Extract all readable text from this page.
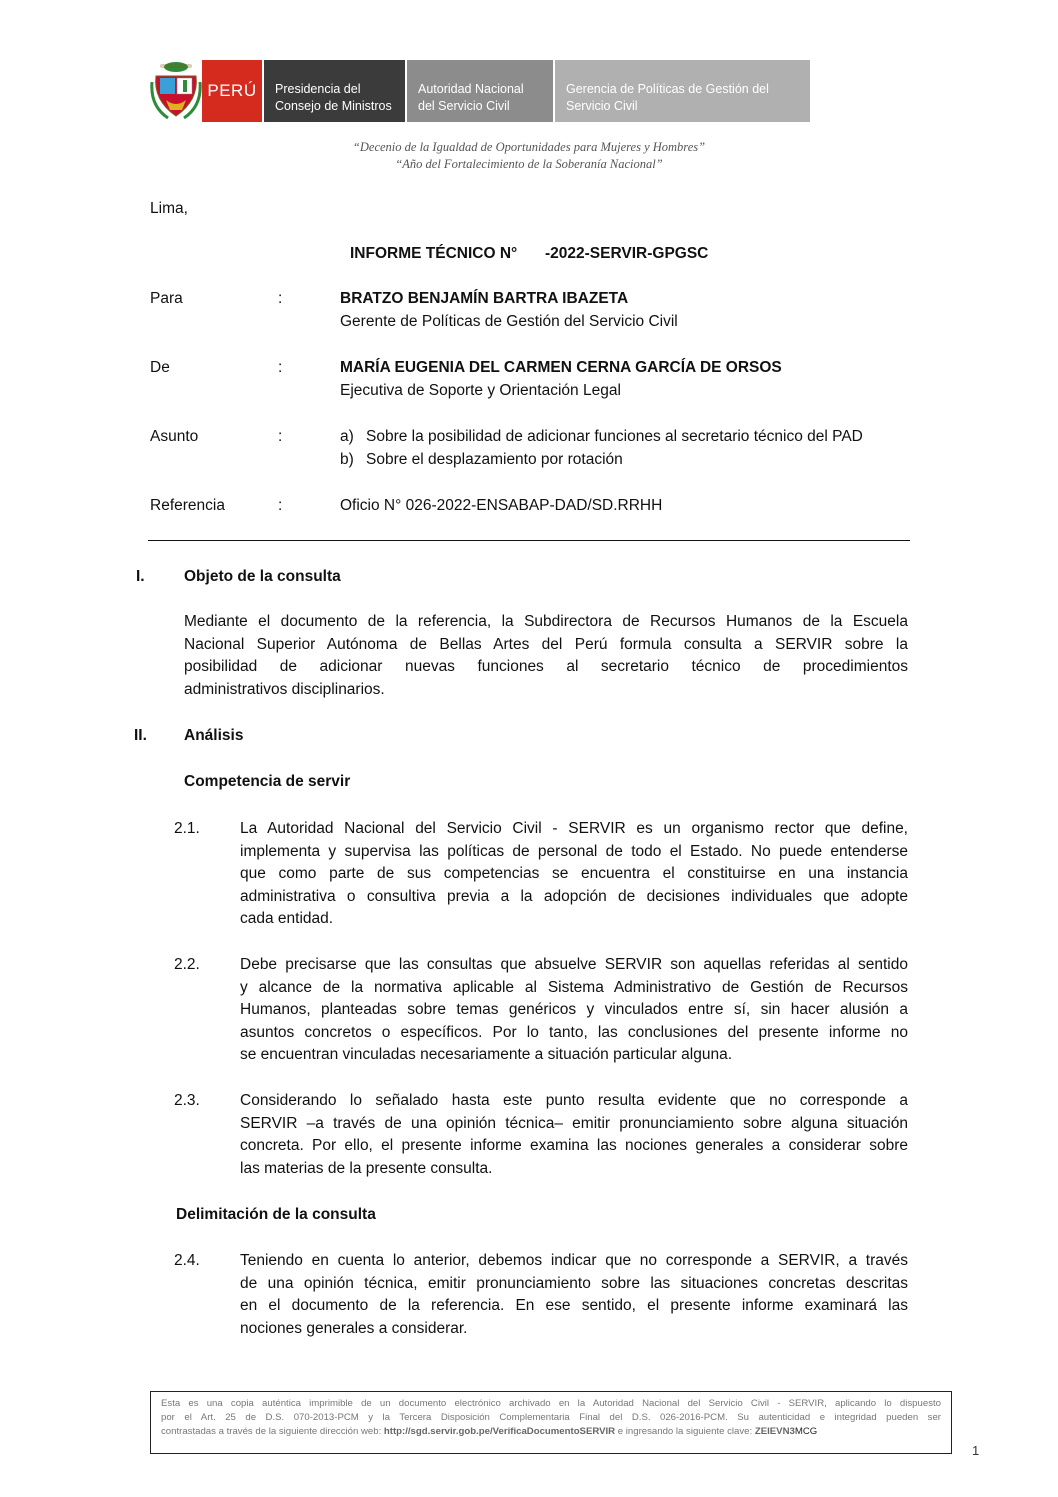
PERÚ	Presidencia del
Consejo de Ministros
Autoridad Nacional
del Servicio Civil
Gerencia de Políticas de Gestión del
Servicio Civil
“Decenio de la Igualdad de Oportunidades para Mujeres y Hombres”
“Año del Fortalecimiento de la Soberanía Nacional”
Lima,
INFORME TÉCNICO N° -2022-SERVIR-GPGSC
Para	:	BRATZO BENJAMÍN BARTRA IBAZETA
Gerente de Políticas de Gestión del Servicio Civil
De	:	MARÍA EUGENIA DEL CARMEN CERNA GARCÍA DE ORSOS
Ejecutiva de Soporte y Orientación Legal
Asunto	:	a) Sobre la posibilidad de adicionar funciones al secretario técnico del PAD
b) Sobre el desplazamiento por rotación
Referencia	:	Oficio N° 026-2022-ENSABAP-DAD/SD.RRHH
I.	Objeto de la consulta
Mediante el documento de la referencia, la Subdirectora de Recursos Humanos de la Escuela
Nacional Superior Autónoma de Bellas Artes del Perú formula consulta a SERVIR sobre la
posibilidad de adicionar nuevas funciones al secretario técnico de procedimientos
administrativos disciplinarios.
II. Análisis
Competencia de servir
2.1.	La Autoridad Nacional del Servicio Civil - SERVIR es un organismo rector que define,
implementa y supervisa las políticas de personal de todo el Estado. No puede entenderse
que como parte de sus competencias se encuentra el constituirse en una instancia
administrativa o consultiva previa a la adopción de decisiones individuales que adopte
cada entidad.
2.2.	Debe precisarse que las consultas que absuelve SERVIR son aquellas referidas al sentido
y alcance de la normativa aplicable al Sistema Administrativo de Gestión de Recursos
Humanos, planteadas sobre temas genéricos y vinculados entre sí, sin hacer alusión a
asuntos concretos o específicos. Por lo tanto, las conclusiones del presente informe no
se encuentran vinculadas necesariamente a situación particular alguna.
2.3.	Considerando lo señalado hasta este punto resulta evidente que no corresponde a
SERVIR –a través de una opinión técnica– emitir pronunciamiento sobre alguna situación
concreta. Por ello, el presente informe examina las nociones generales a considerar sobre
las materias de la presente consulta.
Delimitación de la consulta
2.4.	Teniendo en cuenta lo anterior, debemos indicar que no corresponde a SERVIR, a través
de una opinión técnica, emitir pronunciamiento sobre las situaciones concretas descritas
en el documento de la referencia. En ese sentido, el presente informe examinará las
nociones generales a considerar.

Esta es una copia auténtica imprimible de un documento electrónico archivado en la Autoridad Nacional del Servicio Civil - SERVIR, aplicando lo dispuesto

por el Art. 25 de D.S. 070-2013-PCM y la Tercera Disposición Complementaria Final del D.S. 026-2016-PCM. Su autenticidad e integridad pueden ser

contrastadas a través de la siguiente dirección web: http://sgd.servir.gob.pe/VerificaDocumentoSERVIR e ingresando la siguiente clave: ZEIEVN3MCG

1
